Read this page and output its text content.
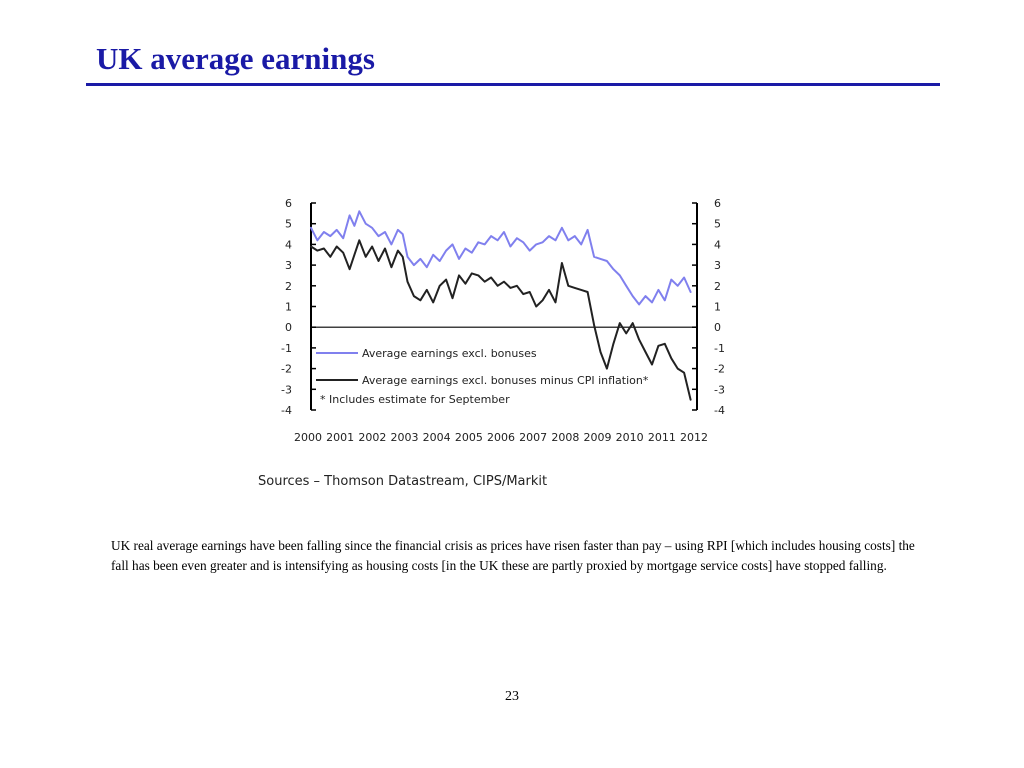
UK average earnings
6
5
4
3
2
1
0
-1
-2
-3
-4
6
5
4
3
2
1
0
-1
-2
-3
-4
2000 2001 2002 2003 2004 2005 2006 2007 2008 2009 2010 2011 2012
Average earnings excl. bonuses
Average earnings excl. bonuses minus CPI inflation*
* Includes estimate for September
Sources – Thomson Datastream, CIPS/Markit

UK real average earnings have been falling since the financial crisis as prices have risen faster than pay – using RPI [which includes housing costs] the fall has been even greater and is intensifying as housing costs [in the UK these are partly proxied by mortgage service costs] have stopped falling.

23
